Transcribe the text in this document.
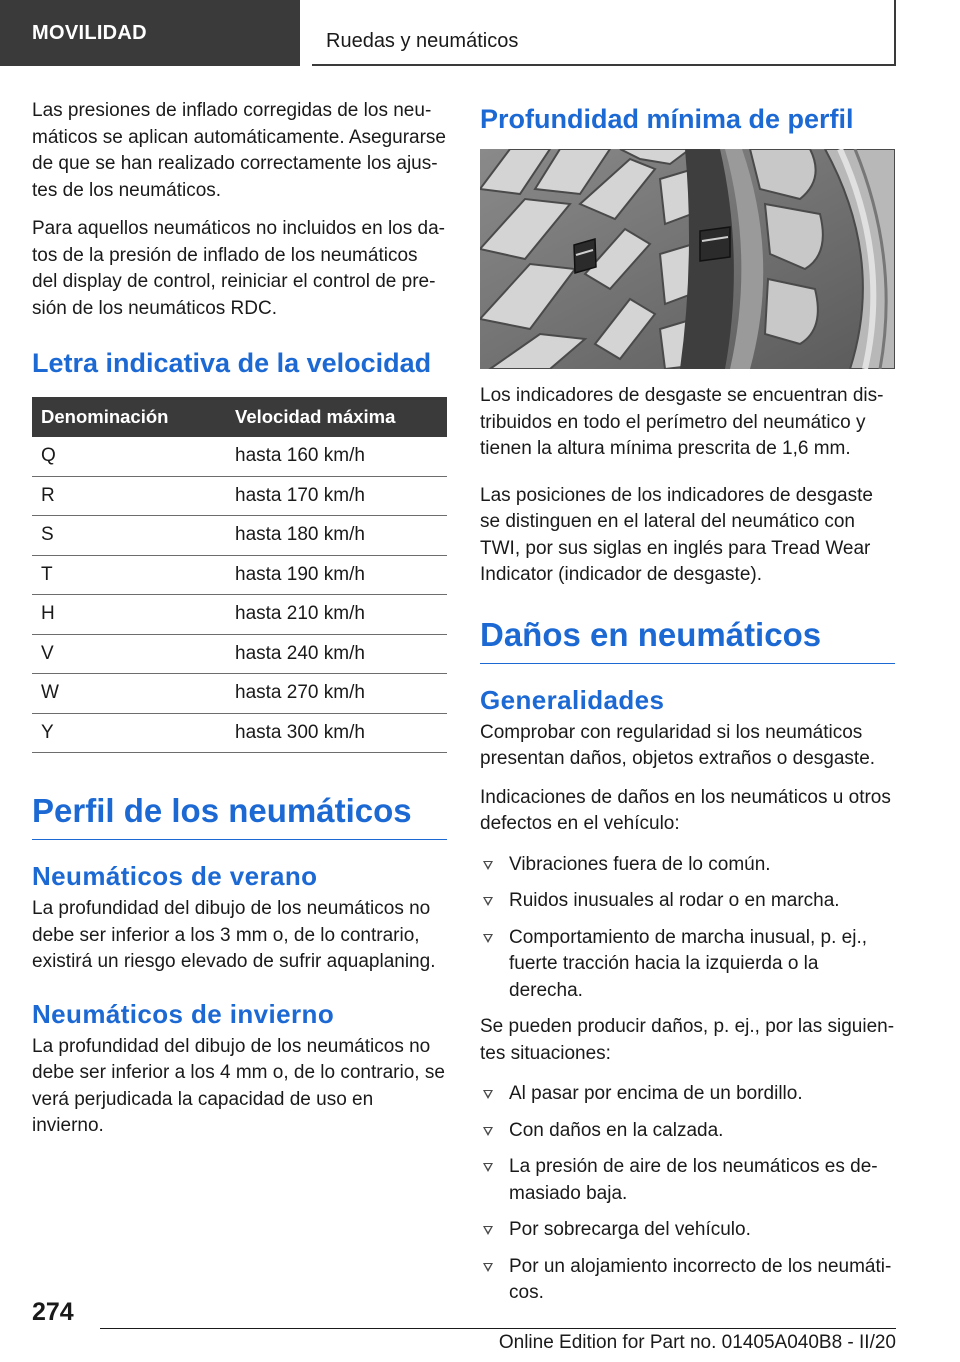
MOVILIDAD	Ruedas y neumáticos

Las presiones de inflado corregidas de los neumáticos se aplican automáticamente. Asegurarse de que se han realizado correctamente los ajustes de los neumáticos.

Para aquellos neumáticos no incluidos en los datos de la presión de inflado de los neumáticos del display de control, reiniciar el control de presión de los neumáticos RDC.

Letra indicativa de la velocidad
Denominación	Velocidad máxima
Q	hasta 160 km/h
R	hasta 170 km/h
S	hasta 180 km/h
T	hasta 190 km/h
H	hasta 210 km/h
V	hasta 240 km/h
W	hasta 270 km/h
Y	hasta 300 km/h
Perfil de los neumáticos
Neumáticos de verano

La profundidad del dibujo de los neumáticos no debe ser inferior a los 3 mm o, de lo contrario, existirá un riesgo elevado de sufrir aquaplaning.

Neumáticos de invierno

La profundidad del dibujo de los neumáticos no debe ser inferior a los 4 mm o, de lo contrario, se verá perjudicada la capacidad de uso en invierno.

Profundidad mínima de perfil

Los indicadores de desgaste se encuentran distribuidos en todo el perímetro del neumático y tienen la altura mínima prescrita de 1,6 mm.

Las posiciones de los indicadores de desgaste se distinguen en el lateral del neumático con TWI, por sus siglas en inglés para Tread Wear Indicator (indicador de desgaste).

Daños en neumáticos
Generalidades

Comprobar con regularidad si los neumáticos presentan daños, objetos extraños o desgaste.

Indicaciones de daños en los neumáticos u otros defectos en el vehículo:

Vibraciones fuera de lo común.
Ruidos inusuales al rodar o en marcha.
Comportamiento de marcha inusual, p. ej., fuerte tracción hacia la izquierda o la derecha.

Se pueden producir daños, p. ej., por las siguientes situaciones:

Al pasar por encima de un bordillo.
Con daños en la calzada.
La presión de aire de los neumáticos es demasiado baja.
Por sobrecarga del vehículo.
Por un alojamiento incorrecto de los neumáticos.
274
Online Edition for Part no. 01405A040B8 - II/20
